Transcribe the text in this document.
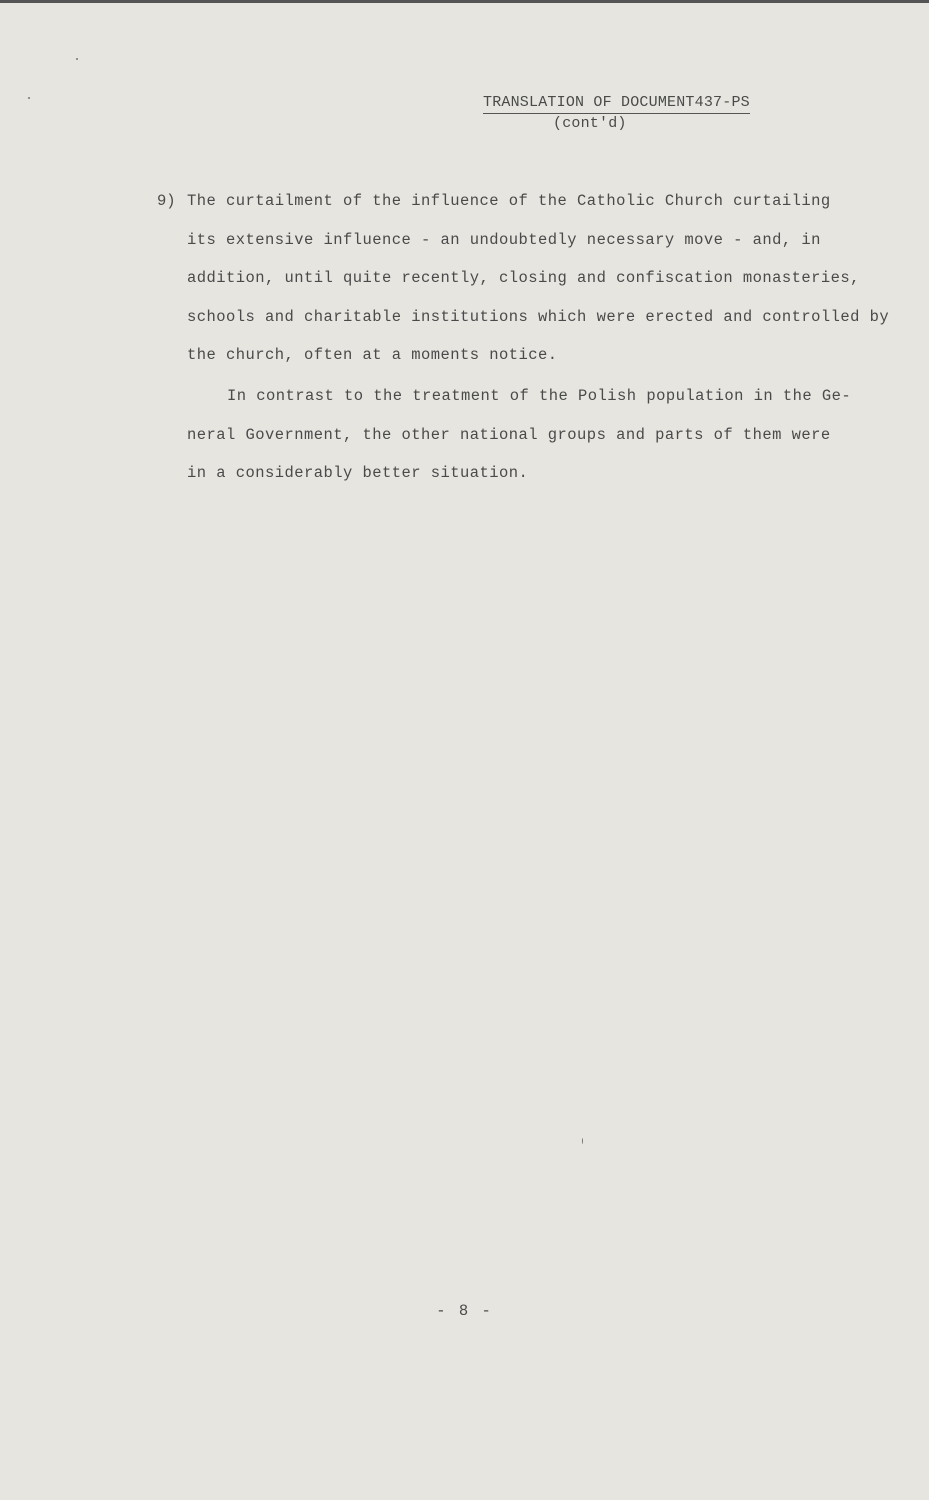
TRANSLATION OF DOCUMENT437-PS
(cont'd)
9) The curtailment of the influence of the Catholic Church curtailing
its extensive influence - an undoubtedly necessary move - and, in
addition, until quite recently, closing and confiscation monasteries,
schools and charitable institutions which were erected and controlled by
the church, often at a moments notice.
In contrast to the treatment of the Polish population in the Ge-
neral Government, the other national groups and parts of them were
in a considerably better situation.
- 8 -
